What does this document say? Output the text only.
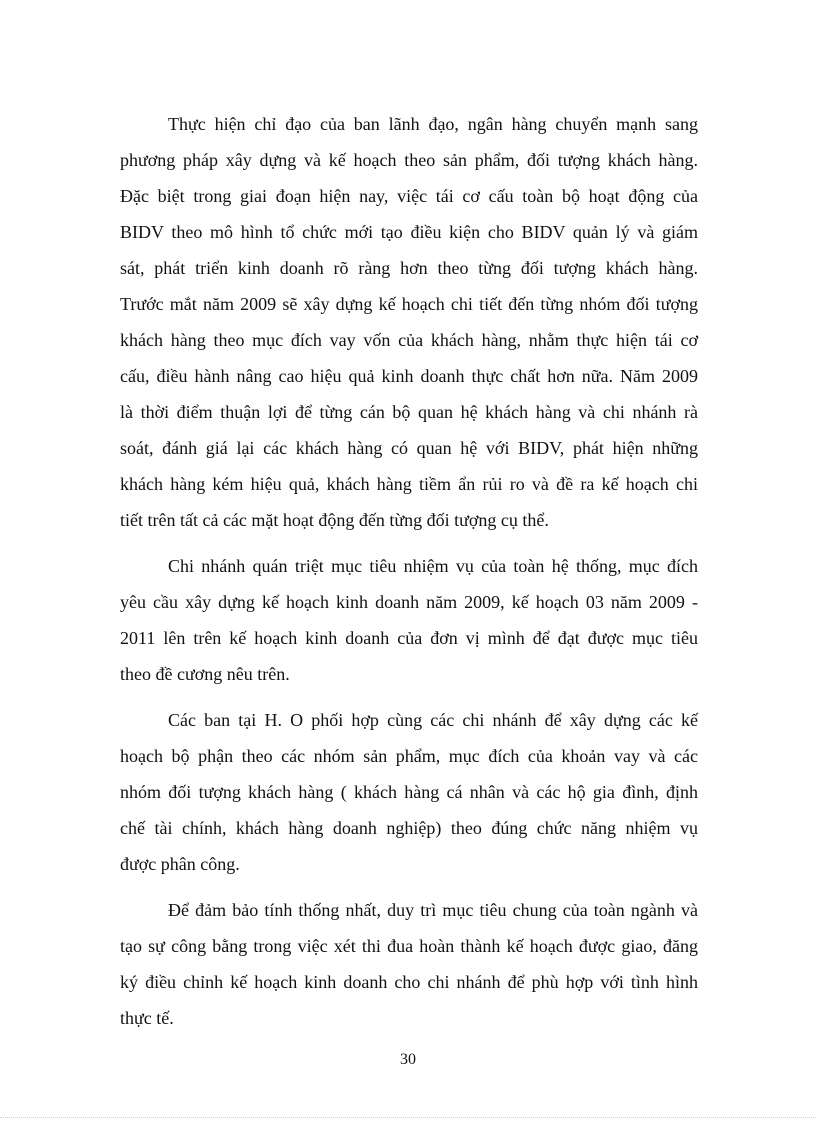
Thực hiện chỉ đạo của ban lãnh đạo, ngân hàng chuyển mạnh sang
phương pháp xây dựng và kế hoạch theo sản phẩm, đối tượng khách hàng.
Đặc biệt trong giai đoạn hiện nay, việc tái cơ cấu toàn bộ hoạt động của
BIDV theo mô hình tổ chức mới tạo điều kiện cho BIDV quản lý và giám
sát, phát triển kinh doanh rõ ràng hơn theo từng đối tượng khách hàng.
Trước mắt năm 2009 sẽ xây dựng kế hoạch chi tiết đến từng nhóm đối tượng
khách hàng theo mục đích vay vốn của khách hàng, nhằm thực hiện tái cơ
cấu, điều hành nâng cao hiệu quả kinh doanh thực chất hơn nữa. Năm 2009
là thời điểm thuận lợi để từng cán bộ quan hệ khách hàng và chi nhánh rà
soát, đánh giá lại các khách hàng có quan hệ với BIDV, phát hiện những
khách hàng kém hiệu quả, khách hàng tiềm ẩn rủi ro và đề ra kế hoạch chi
tiết trên tất cả các mặt hoạt động đến từng đối tượng cụ thể.
Chi nhánh quán triệt mục tiêu nhiệm vụ của toàn hệ thống, mục đích
yêu cầu xây dựng kế hoạch kinh doanh năm 2009, kế hoạch 03 năm 2009 -
2011 lên trên kế hoạch kinh doanh của đơn vị mình để đạt được mục tiêu
theo đề cương nêu trên.
Các ban tại H. O phối hợp cùng các chi nhánh để xây dựng các kế
hoạch bộ phận theo các nhóm sản phẩm, mục đích của khoản vay và các
nhóm đối tượng khách hàng ( khách hàng cá nhân và các hộ gia đình, định
chế tài chính, khách hàng doanh nghiệp) theo đúng chức năng nhiệm vụ
được phân công.
Để đảm bảo tính thống nhất, duy trì mục tiêu chung của toàn ngành và
tạo sự công bằng trong việc xét thi đua hoàn thành kế hoạch được giao, đăng
ký điều chỉnh kế hoạch kinh doanh cho chi nhánh để phù hợp với tình hình
thực tế.
30
